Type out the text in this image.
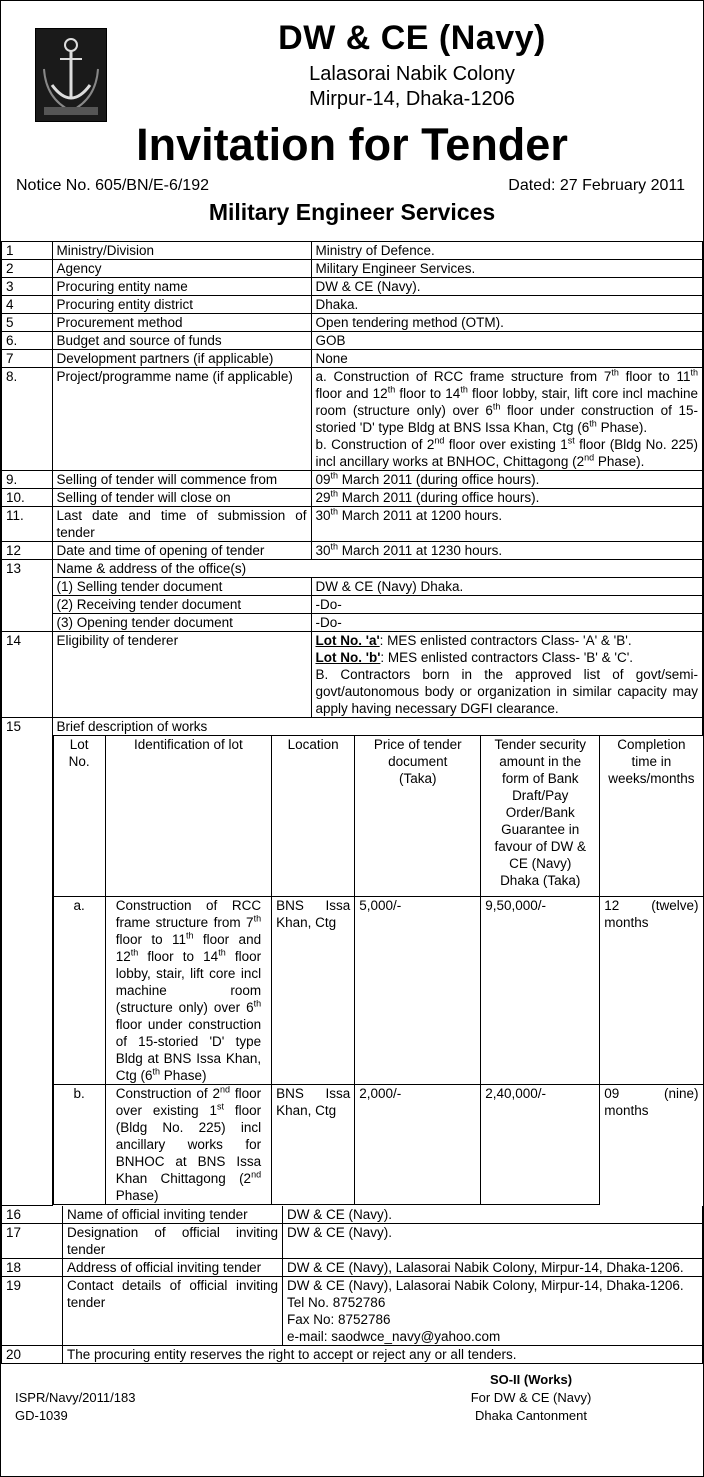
DW & CE (Navy)
Lalasorai Nabik Colony
Mirpur-14, Dhaka-1206
Invitation for Tender
Notice No. 605/BN/E-6/192	Dated: 27 February 2011
Military Engineer Services
1	Ministry/Division	Ministry of Defence.
2	Agency	Military Engineer Services.
3	Procuring entity name	DW & CE (Navy).
4	Procuring entity district	Dhaka.
5	Procurement method	Open tendering method (OTM).
6.	Budget and source of funds	GOB
7	Development partners (if applicable)	None
8.	Project/programme name (if applicable)	a. Construction of RCC frame structure from 7th floor to 11th floor and 12th floor to 14th floor lobby, stair, lift core incl machine room (structure only) over 6th floor under construction of 15-storied 'D' type Bldg at BNS Issa Khan, Ctg (6th Phase).
b. Construction of 2nd floor over existing 1st floor (Bldg No. 225) incl ancillary works at BNHOC, Chittagong (2nd Phase).
9.	Selling of tender will commence from	09th March 2011 (during office hours).
10.	Selling of tender will close on	29th March 2011 (during office hours).
11.	Last date and time of submission of tender	30th March 2011 at 1200 hours.
12	Date and time of opening of tender	30th March 2011 at 1230 hours.
13	Name & address of the office(s)
	(1) Selling tender document	DW & CE (Navy) Dhaka.
	(2) Receiving tender document	-Do-
	(3) Opening tender document	-Do-
14	Eligibility of tenderer	Lot No. 'a': MES enlisted contractors Class- 'A' & 'B'.
Lot No. 'b': MES enlisted contractors Class- 'B' & 'C'.
B. Contractors born in the approved list of govt/semi-govt/autonomous body or organization in similar capacity may apply having necessary DGFI clearance.
15	Brief description of works

Lot No.	Identification of lot	Location	Price of tender document (Taka)	Tender security amount in the form of Bank Draft/Pay Order/Bank Guarantee in favour of DW & CE (Navy) Dhaka (Taka)	Completion time in weeks/months
a.	Construction of RCC frame structure from 7th floor to 11th floor and 12th floor to 14th floor lobby, stair, lift core incl machine room (structure only) over 6th floor under construction of 15-storied 'D' type Bldg at BNS Issa Khan, Ctg (6th Phase)	BNS Issa Khan, Ctg	5,000/-	9,50,000/-	12 (twelve) months
b.	Construction of 2nd floor over existing 1st floor (Bldg No. 225) incl ancillary works for BNHOC at BNS Issa Khan Chittagong (2nd Phase)	BNS Issa Khan, Ctg	2,000/-	2,40,000/-	09 (nine) months
16	Name of official inviting tender	DW & CE (Navy).
17	Designation of official inviting tender	DW & CE (Navy).
18	Address of official inviting tender	DW & CE (Navy), Lalasorai Nabik Colony, Mirpur-14, Dhaka-1206.
19	Contact details of official inviting tender	DW & CE (Navy), Lalasorai Nabik Colony, Mirpur-14, Dhaka-1206.
Tel No. 8752786
Fax No: 8752786
e-mail: saodwce_navy@yahoo.com
20	The procuring entity reserves the right to accept or reject any or all tenders.	
ISPR/Navy/2011/183
GD-1039
SO-II (Works)
For DW & CE (Navy)
Dhaka Cantonment
